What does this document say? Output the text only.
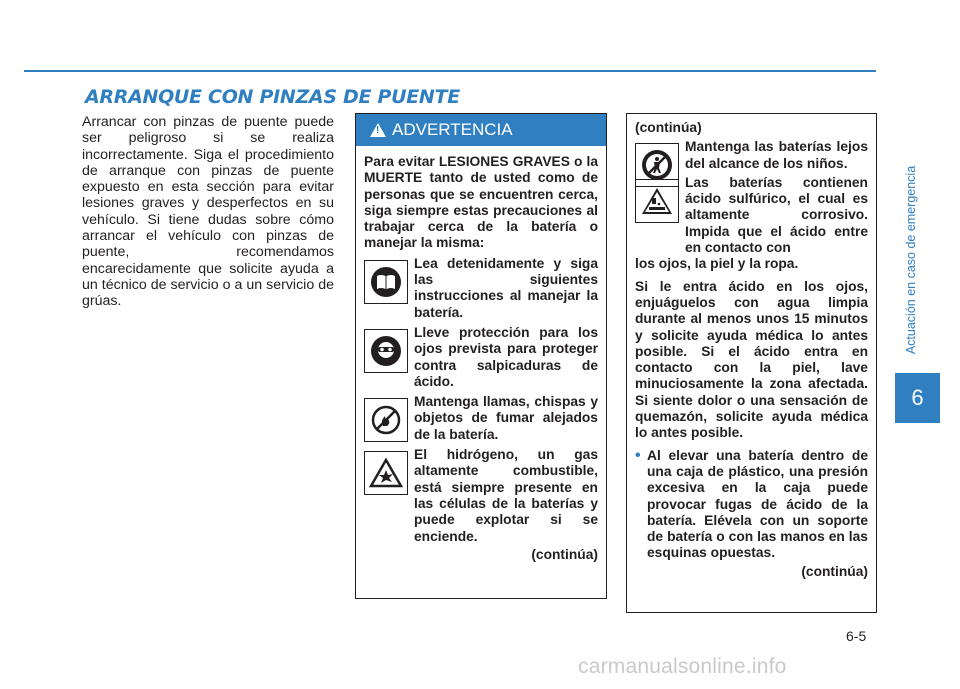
ARRANQUE CON PINZAS DE PUENTE

Arrancar con pinzas de puente puede ser peligroso si se realiza incorrectamente. Siga el procedimiento de arranque con pinzas de puente expuesto en esta sección para evitar lesiones graves y desperfectos en su vehículo. Si tiene dudas sobre cómo arrancar el vehículo con pinzas de puente, recomendamos encarecidamente que solicite ayuda a un técnico de servicio o a un servicio de grúas.

! ADVERTENCIA

Para evitar LESIONES GRAVES o la MUERTE tanto de usted como de personas que se encuentren cerca, siga siempre estas precauciones al trabajar cerca de la batería o manejar la misma:

Lea detenidamente y siga las siguientes instrucciones al manejar la batería.

Lleve protección para los ojos prevista para proteger contra salpicaduras de ácido.

Mantenga llamas, chispas y objetos de fumar alejados de la batería.

El hidrógeno, un gas altamente combustible, está siempre presente en las células de la baterías y puede explotar si se enciende.

(continúa)

(continúa)

Mantenga las baterías lejos del alcance de los niños.

Las baterías contienen ácido sulfúrico, el cual es altamente corrosivo. Impida que el ácido entre en contacto con

los ojos, la piel y la ropa.

Si le entra ácido en los ojos, enjuáguelos con agua limpia durante al menos unos 15 minutos y solicite ayuda médica lo antes posible. Si el ácido entra en contacto con la piel, lave minuciosamente la zona afectada. Si siente dolor o una sensación de quemazón, solicite ayuda médica lo antes posible.

• Al elevar una batería dentro de una caja de plástico, una presión excesiva en la caja puede provocar fugas de ácido de la batería. Elévela con un soporte de batería o con las manos en las esquinas opuestas.

(continúa)

Actuación en caso de emergencia
6
6-5
carmanualsonline.info
